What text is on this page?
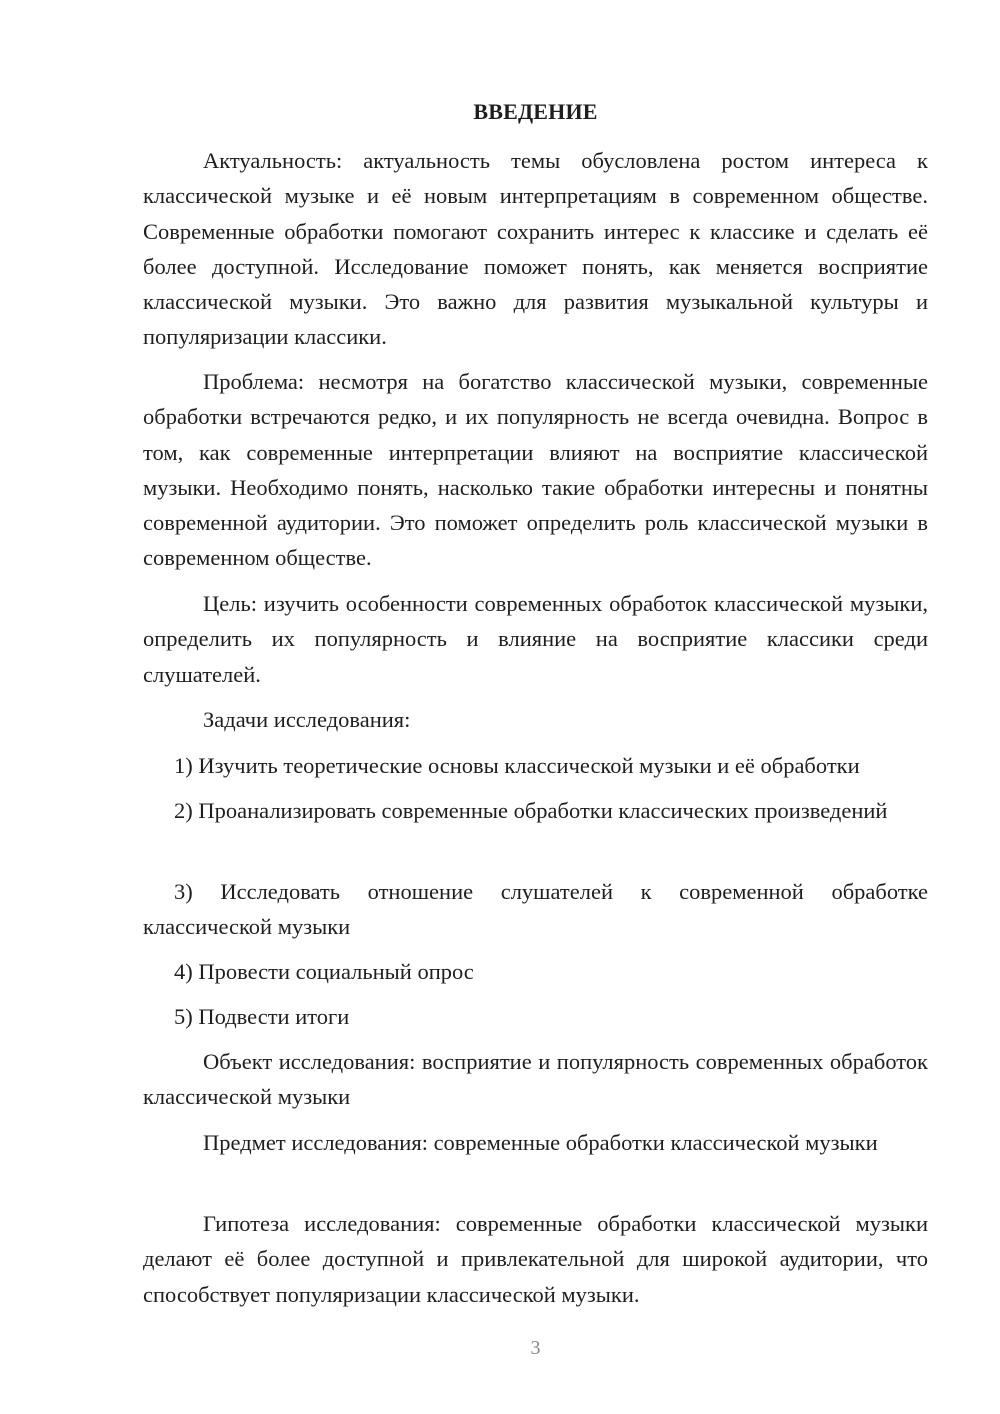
ВВЕДЕНИЕ

Актуальность: актуальность темы обусловлена ростом интереса к классической музыке и её новым интерпретациям в современном обществе. Современные обработки помогают сохранить интерес к классике и сделать её более доступной. Исследование поможет понять, как меняется восприятие классической музыки. Это важно для развития музыкальной культуры и популяризации классики.

Проблема: несмотря на богатство классической музыки, современные обработки встречаются редко, и их популярность не всегда очевидна. Вопрос в том, как современные интерпретации влияют на восприятие классической музыки. Необходимо понять, насколько такие обработки интересны и понятны современной аудитории. Это поможет определить роль классической музыки в современном обществе.

Цель: изучить особенности современных обработок классической музыки, определить их популярность и влияние на восприятие классики среди слушателей.

Задачи исследования:

1) Изучить теоретические основы классической музыки и её обработки

2) Проанализировать современные обработки классических произведений

3) Исследовать отношение слушателей к современной обработке классической музыки

4) Провести социальный опрос

5) Подвести итоги

Объект исследования: восприятие и популярность современных обработок классической музыки

Предмет исследования: современные обработки классической музыки

Гипотеза исследования: современные обработки классической музыки делают её более доступной и привлекательной для широкой аудитории, что способствует популяризации классической музыки.

3
